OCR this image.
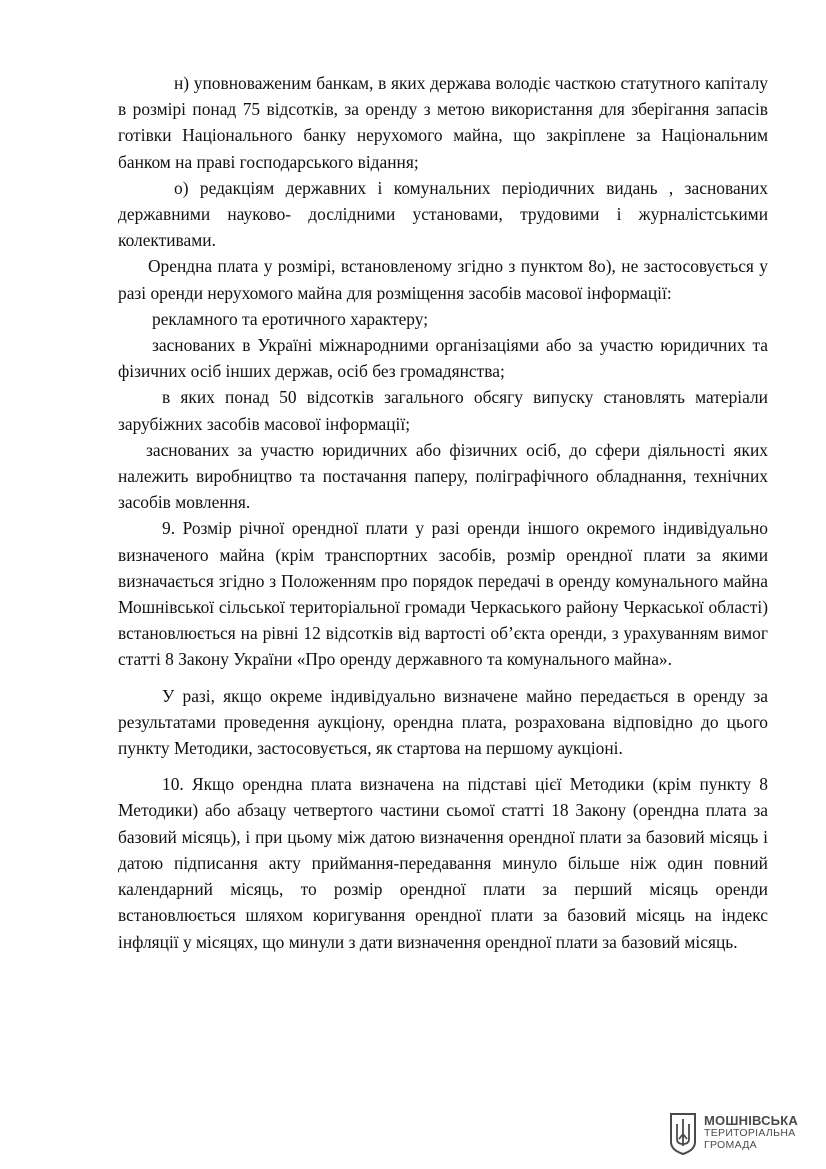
н) уповноваженим банкам, в яких держава володіє часткою статутного капіталу в розмірі понад 75 відсотків, за оренду з метою використання для зберігання запасів готівки Національного банку нерухомого майна, що закріплене за Національним банком на праві господарського відання;

о) редакціям державних і комунальних періодичних видань , заснованих державними науково- дослідними установами, трудовими і журналістськими колективами.

Орендна плата у розмірі, встановленому згідно з пунктом 8о), не застосовується у разі оренди нерухомого майна для розміщення засобів масової інформації:

рекламного та еротичного характеру;

заснованих в Україні міжнародними організаціями або за участю юридичних та фізичних осіб інших держав, осіб без громадянства;

в яких понад 50 відсотків загального обсягу випуску становлять матеріали зарубіжних засобів масової інформації;

заснованих за участю юридичних або фізичних осіб, до сфери діяльності яких належить виробництво та постачання паперу, поліграфічного обладнання, технічних засобів мовлення.

9. Розмір річної орендної плати у разі оренди іншого окремого індивідуально визначеного майна (крім транспортних засобів, розмір орендної плати за якими визначається згідно з Положенням про порядок передачі в оренду комунального майна Мошнівської сільської територіальної громади Черкаського району Черкаської області) встановлюється на рівні 12 відсотків від вартості об’єкта оренди, з урахуванням вимог статті 8 Закону України «Про оренду державного та комунального майна».

У разі, якщо окреме індивідуально визначене майно передається в оренду за результатами проведення аукціону, орендна плата, розрахована відповідно до цього пункту Методики, застосовується, як стартова на першому аукціоні.

10. Якщо орендна плата визначена на підставі цієї Методики (крім пункту 8 Методики) або абзацу четвертого частини сьомої статті 18 Закону (орендна плата за базовий місяць), і при цьому між датою визначення орендної плати за базовий місяць і датою підписання акту приймання-передавання минуло більше ніж один повний календарний місяць, то розмір орендної плати за перший місяць оренди встановлюється шляхом коригування орендної плати за базовий місяць на індекс інфляції у місяцях, що минули з дати визначення орендної плати за базовий місяць.

МОШНІВСЬКА
ТЕРИТОРІАЛЬНА
ГРОМАДА
